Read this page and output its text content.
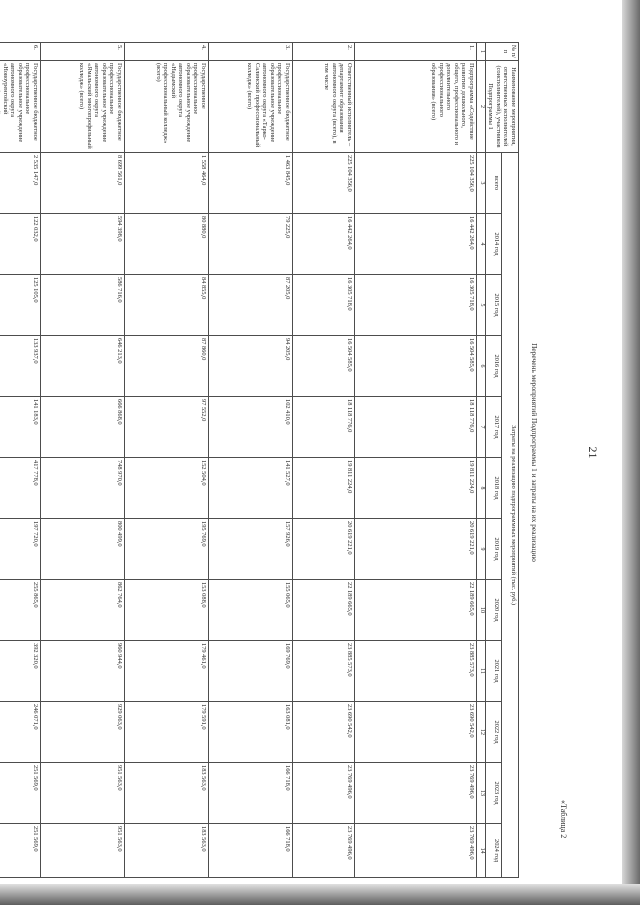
21
«Таблица 2
Перечень мероприятий Подпрограммы 1 и затраты на их реализацию
№ п/п	Наименование мероприятия, ответственных исполнителей (соисполнителей), участников Подпрограммы 1	Затраты на реализацию подпрограммных мероприятий (тыс. руб.)											
		всего	2014 год	2015 год	2016 год	2017 год	2018 год	2019 год	2020 год	2021 год	2022 год	2023 год	2024 год
1	2	3	4	5	6	7	8	9	10	11	12	13	14
1.	Подпрограмма «Содействие развитию дошкольного, общего, профессионального и дополнительного профессионального образования» (всего)	225 104 356,0	16 442 264,0	16 305 718,0	16 504 585,0	18 118 776,0	19 811 224,0	20 619 221,0	22 189 665,0	23 885 573,0	23 690 542,0	23 769 496,0	23 769 496,0
2.	Ответственный исполнитель – департамент образования автономного округа (всего), в том числе	225 104 356,0	16 442 264,0	16 305 718,0	16 504 585,0	18 118 776,0	19 811 224,0	20 619 221,0	22 189 665,0	23 885 573,0	23 690 542,0	23 769 496,0	23 769 496,0
3.	Государственное бюджетное профессиональное образовательное учреждение автономного округа «Тарко-Салинский профессиональный колледж» (всего)	1 463 845,0	79 225,0	87 205,0	94 205,0	102 410,0	141 527,0	157 926,0	155 065,0	169 769,0	163 081,0	166 718,0	166 718,0
4.	Государственное профессиональное образовательное учреждение автономного округа «Надымский профессиональный колледж» (всего)	1 558 464,0	80 880,0	84 855,0	87 860,0	97 552,0	152 504,0	195 769,0	153 088,0	179 461,0	179 591,0	183 563,0	183 563,0
5.	Государственное бюджетное профессиональное образовательное учреждение автономного округа «Ямальский многопрофильный колледж» (всего)	8 699 561,0	594 398,0	586 716,0	646 213,0	666 868,0	748 970,0	800 499,0	862 764,0	960 944,0	929 063,0	951 563,0	951 563,0
6.	Государственное бюджетное профессиональное образовательное учреждение автономного округа «Новоуренгойский	2 535 147,0	122 032,0	125 105,0	133 937,0	141 183,0	417 778,0	197 720,0	255 865,0	392 320,0	246 071,0	251 569,0	251 569,0
